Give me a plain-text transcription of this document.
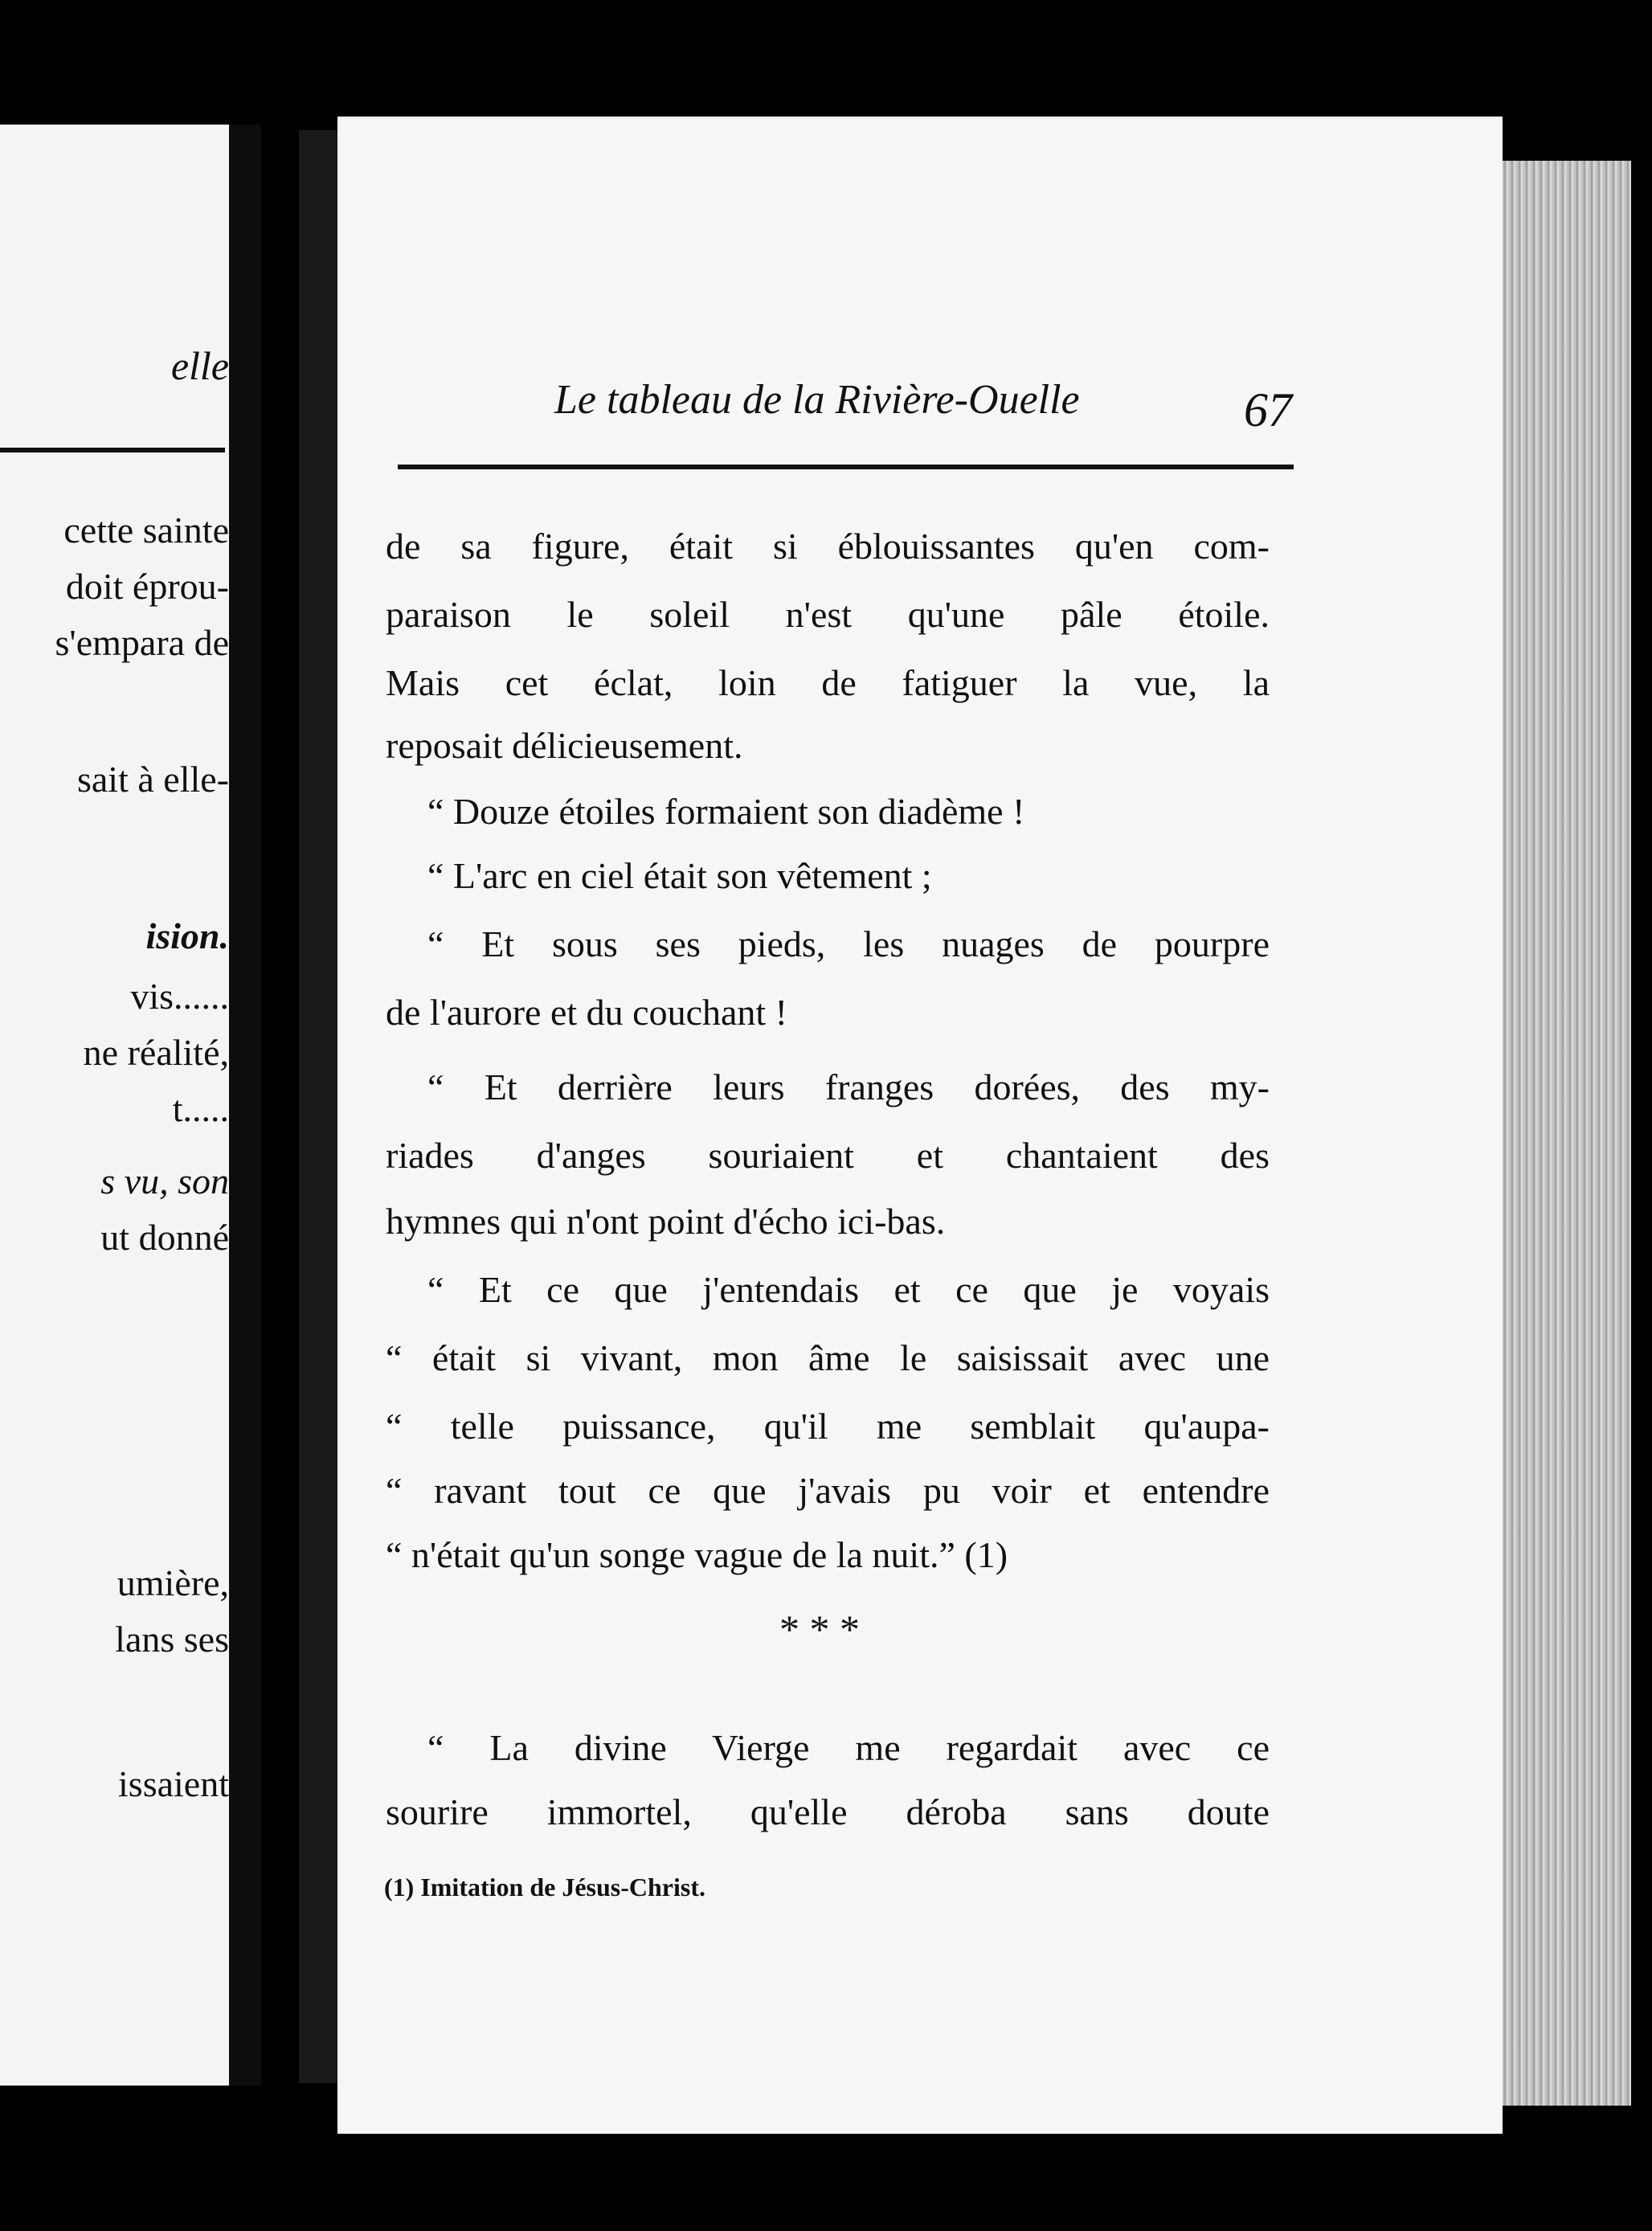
elle
cette sainte
doit éprou-
s'empara de
sait à elle-
ision.
vis......
ne réalité,
t.....
s vu, son
ut donné
umière,
lans ses
issaient
Le tableau de la Rivière-Ouelle	67
de sa figure, était si éblouissantes qu'en com-
paraison le soleil n'est qu'une pâle étoile.
Mais cet éclat, loin de fatiguer la vue, la
reposait délicieusement.
“ Douze étoiles formaient son diadème !
“ L'arc en ciel était son vêtement ;
“ Et sous ses pieds, les nuages de pourpre
de l'aurore et du couchant !
“ Et derrière leurs franges dorées, des my-
riades d'anges souriaient et chantaient des
hymnes qui n'ont point d'écho ici-bas.
“ Et ce que j'entendais et ce que je voyais
“ était si vivant, mon âme le saisissait avec une
“ telle puissance, qu'il me semblait qu'aupa-
“ ravant tout ce que j'avais pu voir et entendre
“ n'était qu'un songe vague de la nuit.” (1)
* * *
“ La divine Vierge me regardait avec ce
sourire immortel, qu'elle déroba sans doute
(1) Imitation de Jésus-Christ.
